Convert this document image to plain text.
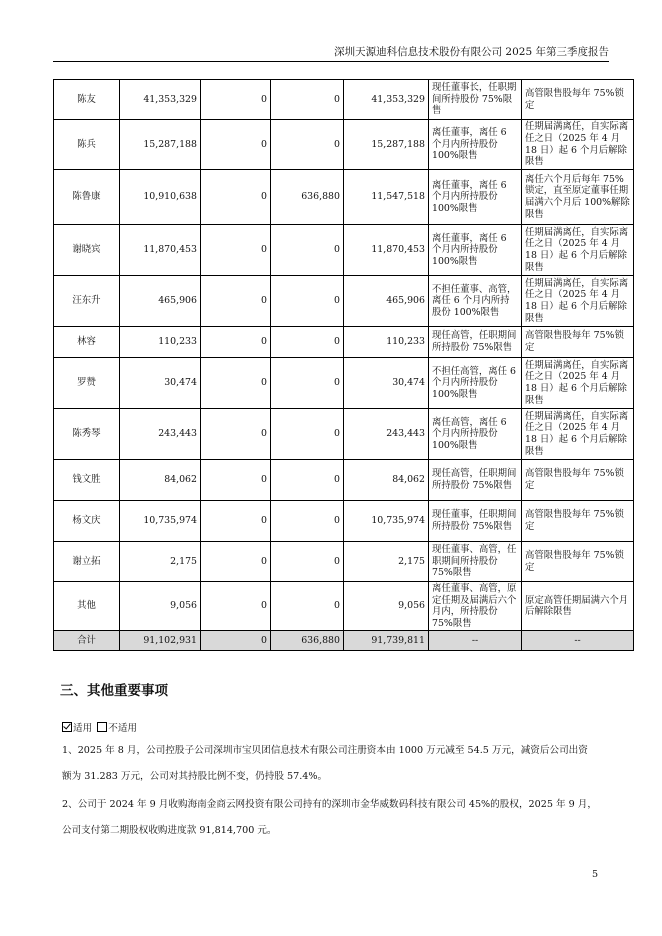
深圳天源迪科信息技术股份有限公司 2025 年第三季度报告
陈友	41,353,329	0	0	41,353,329	现任董事长，任职期间所持股份 75%限售	高管限售股每年 75%锁定
陈兵	15,287,188	0	0	15,287,188	离任董事，离任 6 个月内所持股份 100%限售	任期届满离任，自实际离任之日（2025 年 4 月 18 日）起 6 个月后解除限售
陈鲁康	10,910,638	0	636,880	11,547,518	离任董事，离任 6 个月内所持股份 100%限售	离任六个月后每年 75%锁定，直至原定董事任期届满六个月后 100%解除限售
谢晓宾	11,870,453	0	0	11,870,453	离任董事，离任 6 个月内所持股份 100%限售	任期届满离任，自实际离任之日（2025 年 4 月 18 日）起 6 个月后解除限售
汪东升	465,906	0	0	465,906	不担任董事、高管，离任 6 个月内所持股份 100%限售	任期届满离任，自实际离任之日（2025 年 4 月 18 日）起 6 个月后解除限售
林容	110,233	0	0	110,233	现任高管，任职期间所持股份 75%限售	高管限售股每年 75%锁定
罗赞	30,474	0	0	30,474	不担任高管，离任 6 个月内所持股份 100%限售	任期届满离任，自实际离任之日（2025 年 4 月 18 日）起 6 个月后解除限售
陈秀琴	243,443	0	0	243,443	离任高管，离任 6 个月内所持股份 100%限售	任期届满离任，自实际离任之日（2025 年 4 月 18 日）起 6 个月后解除限售
钱文胜	84,062	0	0	84,062	现任高管，任职期间所持股份 75%限售	高管限售股每年 75%锁定
杨文庆	10,735,974	0	0	10,735,974	现任董事，任职期间所持股份 75%限售	高管限售股每年 75%锁定
谢立拓	2,175	0	0	2,175	现任董事、高管，任职期间所持股份 75%限售	高管限售股每年 75%锁定
其他	9,056	0	0	9,056	离任董事、高管，原定任期及届满后六个月内，所持股份 75%限售	原定高管任期届满六个月后解除限售
合计	91,102,931	0	636,880	91,739,811	--	--
三、其他重要事项
适用 不适用
1、2025 年 8 月，公司控股子公司深圳市宝贝团信息技术有限公司注册资本由 1000 万元减至 54.5 万元，减资后公司出资
额为 31.283 万元，公司对其持股比例不变，仍持股 57.4%。
2、公司于 2024 年 9 月收购海南金商云网投资有限公司持有的深圳市金华威数码科技有限公司 45%的股权，2025 年 9 月，
公司支付第二期股权收购进度款 91,814,700 元。
5
